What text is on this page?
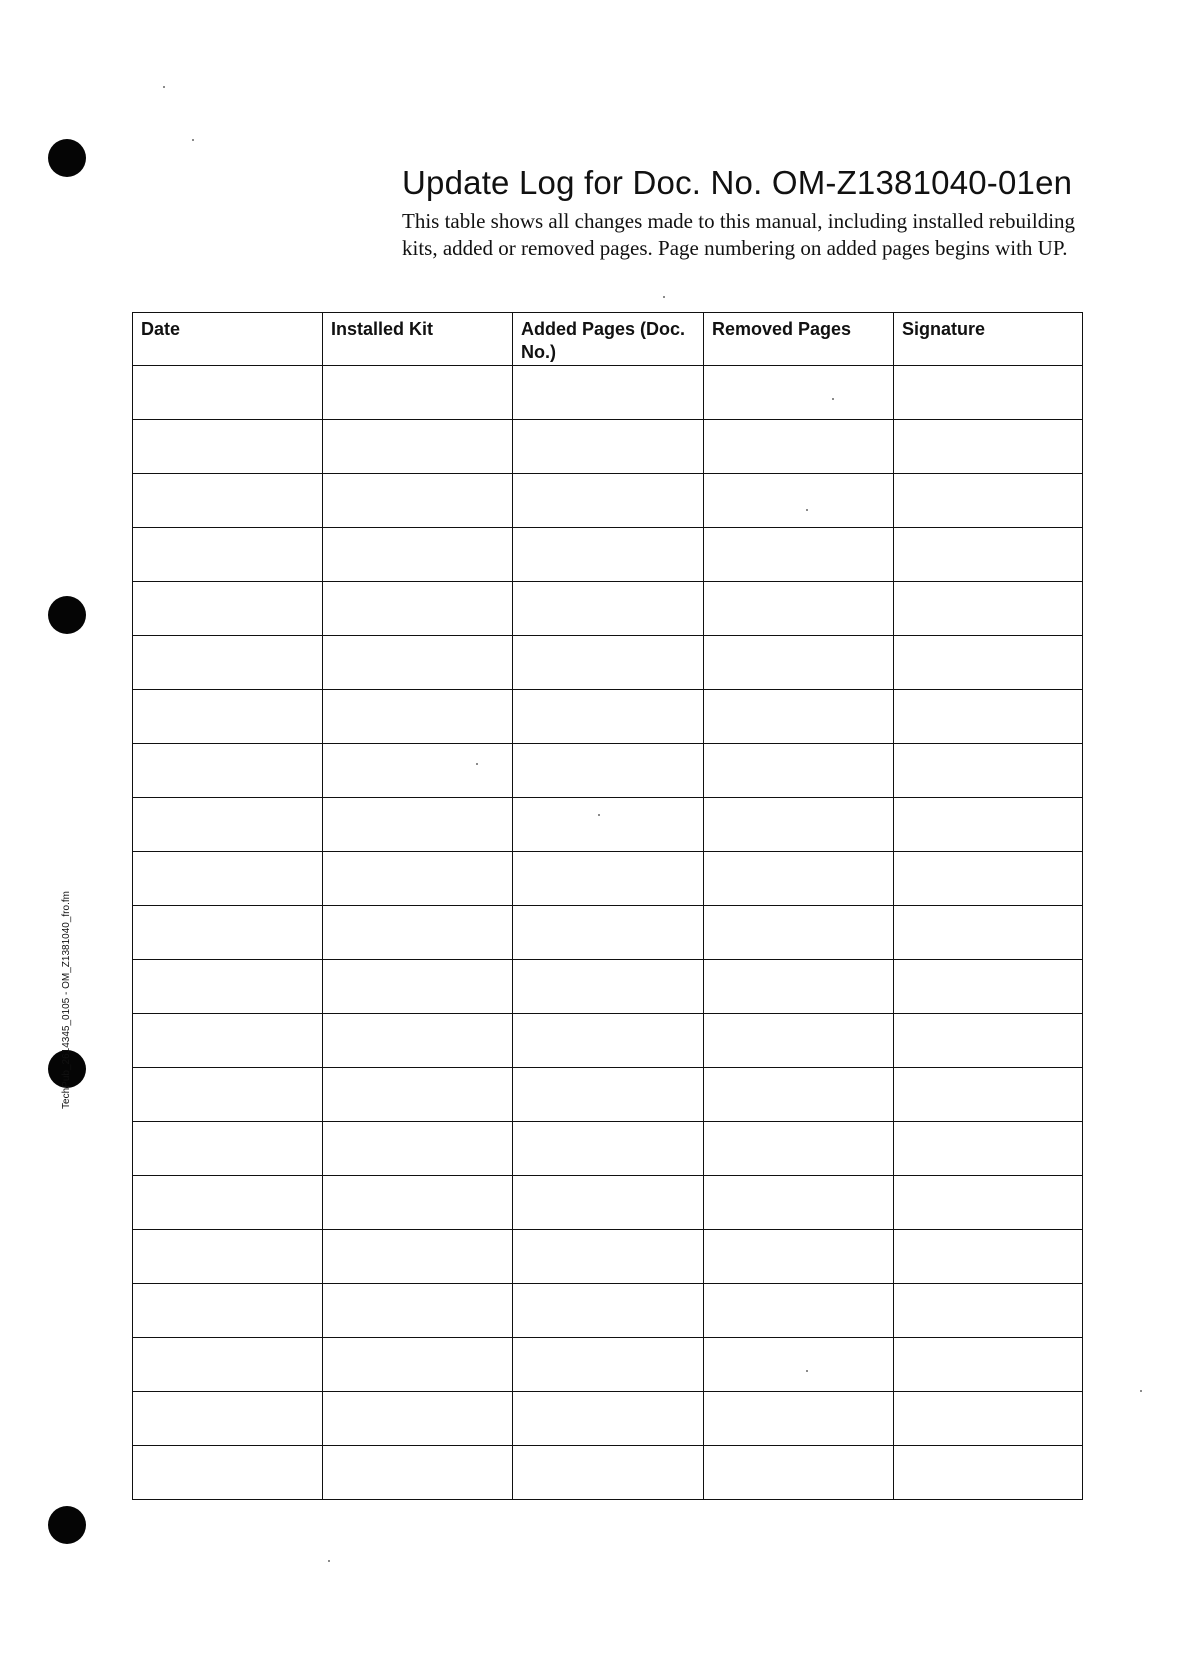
Update Log for Doc. No. OM-Z1381040-01en

This table shows all changes made to this manual, including installed rebuilding kits, added or removed pages. Page numbering on added pages begins with UP.

TechPub_2614345_0105 - OM_Z1381040_fro.fm
Date	Installed Kit	Added Pages (Doc. No.)	Removed Pages	Signature
